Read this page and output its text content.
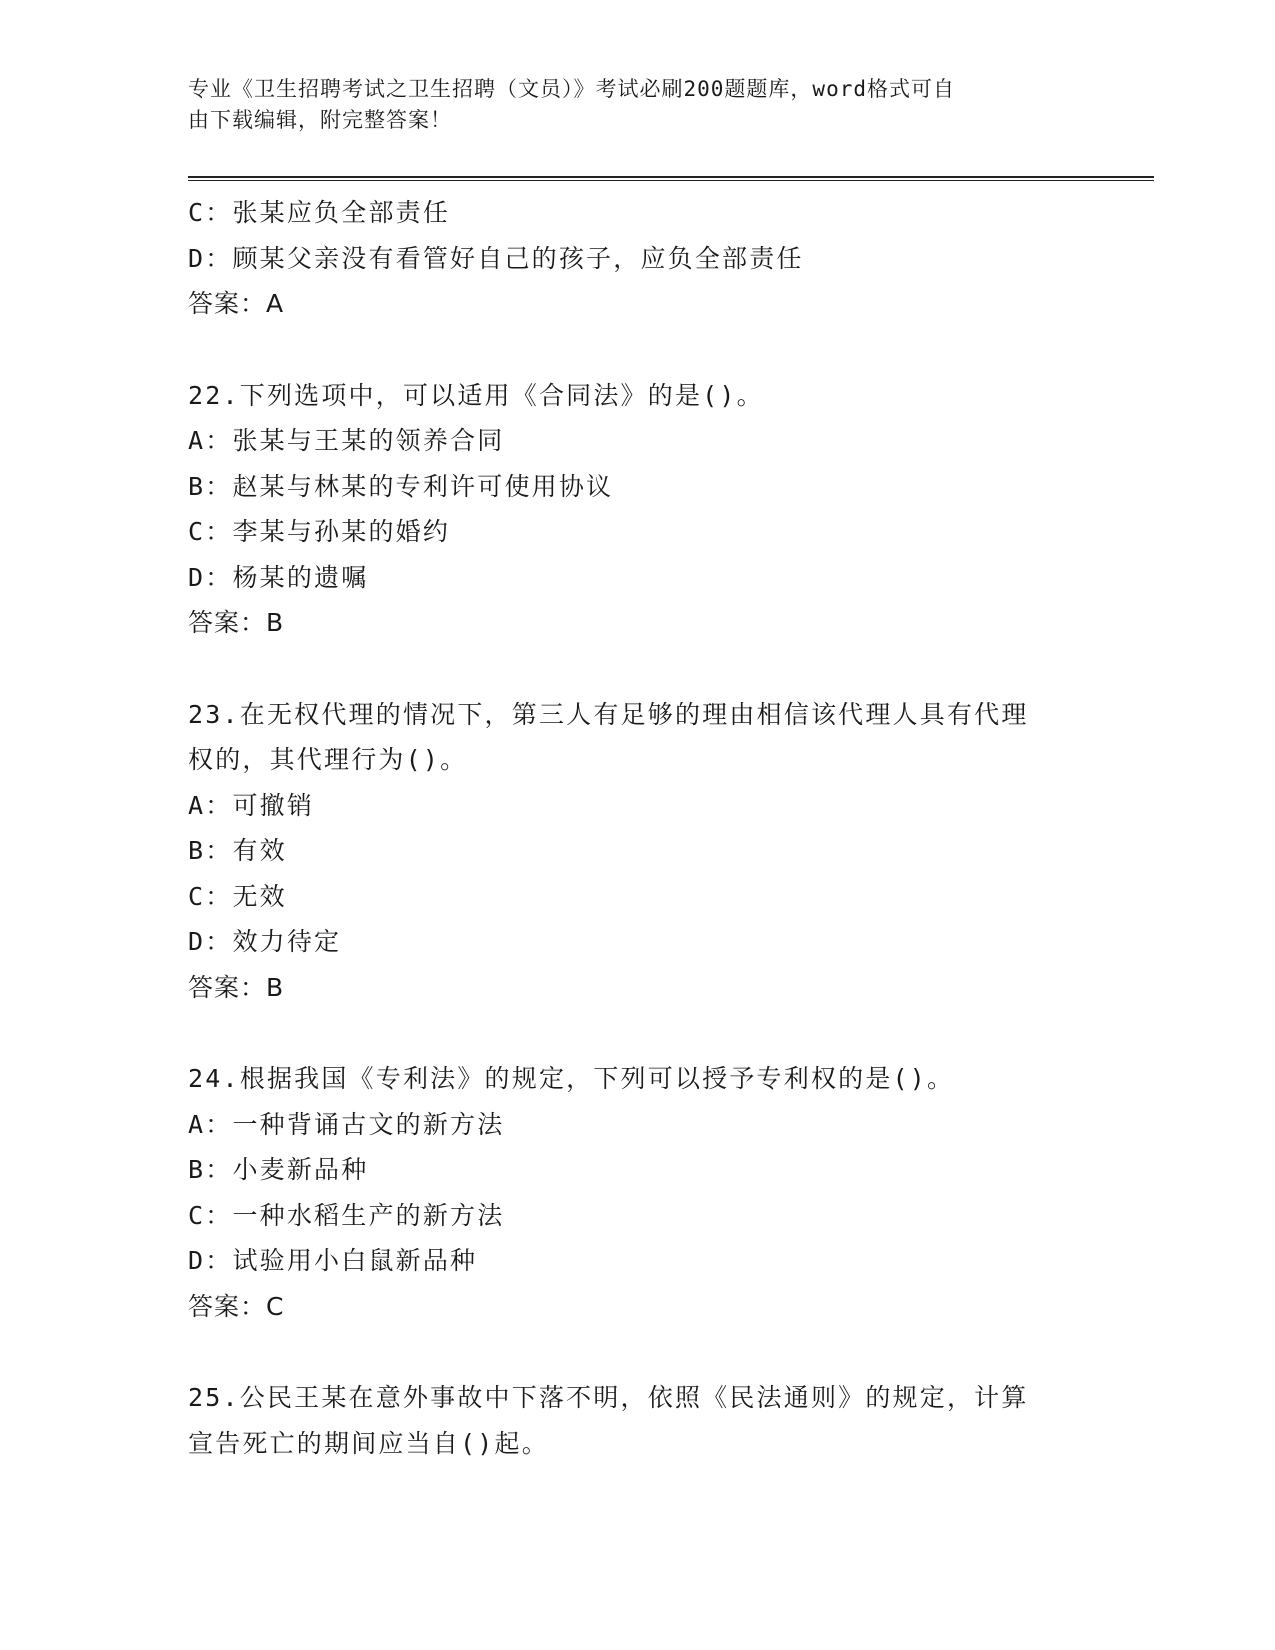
专业《卫生招聘考试之卫生招聘（文员）》考试必刷200题题库，word格式可自
由下载编辑，附完整答案！
C：张某应负全部责任
D：顾某父亲没有看管好自己的孩子，应负全部责任
答案：A
22.下列选项中，可以适用《合同法》的是()。
A：张某与王某的领养合同
B：赵某与林某的专利许可使用协议
C：李某与孙某的婚约
D：杨某的遗嘱
答案：B
23.在无权代理的情况下，第三人有足够的理由相信该代理人具有代理
权的，其代理行为()。
A：可撤销
B：有效
C：无效
D：效力待定
答案：B
24.根据我国《专利法》的规定，下列可以授予专利权的是()。
A：一种背诵古文的新方法
B：小麦新品种
C：一种水稻生产的新方法
D：试验用小白鼠新品种
答案：C
25.公民王某在意外事故中下落不明，依照《民法通则》的规定，计算
宣告死亡的期间应当自()起。
